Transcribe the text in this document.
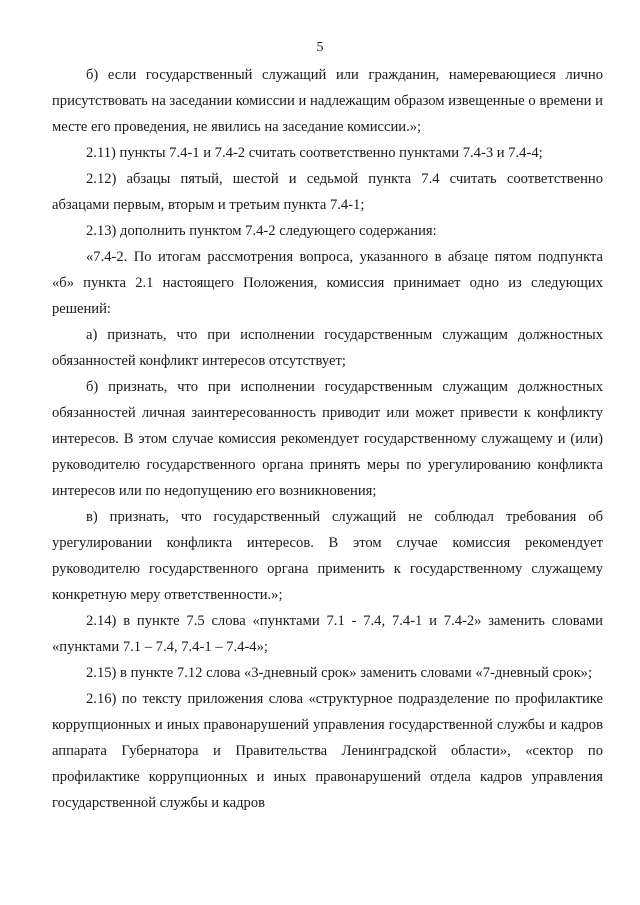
5

б) если государственный служащий или гражданин, намеревающиеся лично присутствовать на заседании комиссии и надлежащим образом извещенные о времени и месте его проведения, не явились на заседание комиссии.»;

2.11) пункты 7.4-1 и 7.4-2 считать соответственно пунктами 7.4-3 и 7.4-4;

2.12) абзацы пятый, шестой и седьмой пункта 7.4 считать соответственно абзацами первым, вторым и третьим пункта 7.4-1;

2.13) дополнить пунктом 7.4-2 следующего содержания:

«7.4-2. По итогам рассмотрения вопроса, указанного в абзаце пятом подпункта «б» пункта 2.1 настоящего Положения, комиссия принимает одно из следующих решений:

а) признать, что при исполнении государственным служащим должностных обязанностей конфликт интересов отсутствует;

б) признать, что при исполнении государственным служащим должностных обязанностей личная заинтересованность приводит или может привести к конфликту интересов. В этом случае комиссия рекомендует государственному служащему и (или) руководителю государственного органа принять меры по урегулированию конфликта интересов или по недопущению его возникновения;

в) признать, что государственный служащий не соблюдал требования об урегулировании конфликта интересов. В этом случае комиссия рекомендует руководителю государственного органа применить к государственному служащему конкретную меру ответственности.»;

2.14) в пункте 7.5 слова «пунктами 7.1 - 7.4, 7.4-1 и 7.4-2» заменить словами «пунктами 7.1 – 7.4, 7.4-1 – 7.4-4»;

2.15) в пункте 7.12 слова «3-дневный срок» заменить словами «7-дневный срок»;

2.16) по тексту приложения слова «структурное подразделение по профилактике коррупционных и иных правонарушений управления государственной службы и кадров аппарата Губернатора и Правительства Ленинградской области», «сектор по профилактике коррупционных и иных правонарушений отдела кадров управления государственной службы и кадров
